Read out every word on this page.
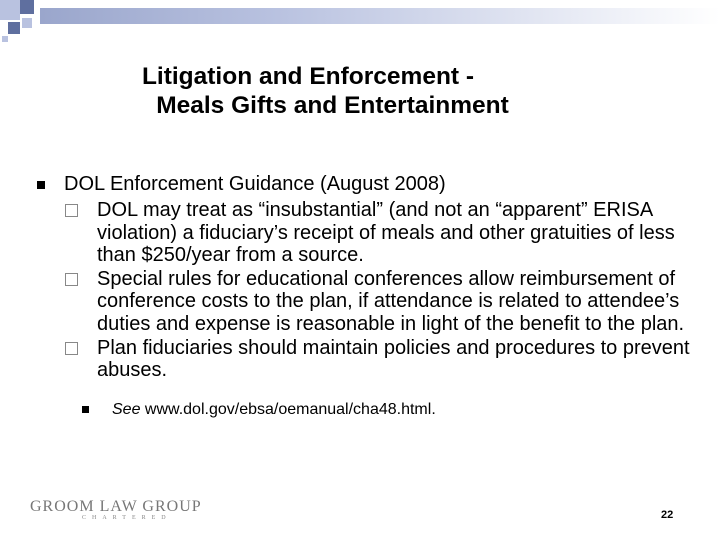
Litigation and Enforcement -
Meals Gifts and Entertainment
DOL Enforcement Guidance (August 2008)
DOL may treat as “insubstantial” (and not an “apparent” ERISA violation) a fiduciary’s receipt of meals and other gratuities of less than $250/year from a source.
Special rules for educational conferences allow reimbursement of conference costs to the plan, if attendance is related to attendee’s duties and expense is reasonable in light of the benefit to the plan.
Plan fiduciaries should maintain policies and procedures to prevent abuses.
See www.dol.gov/ebsa/oemanual/cha48.html.
GROOM LAW GROUP
CHARTERED	22
